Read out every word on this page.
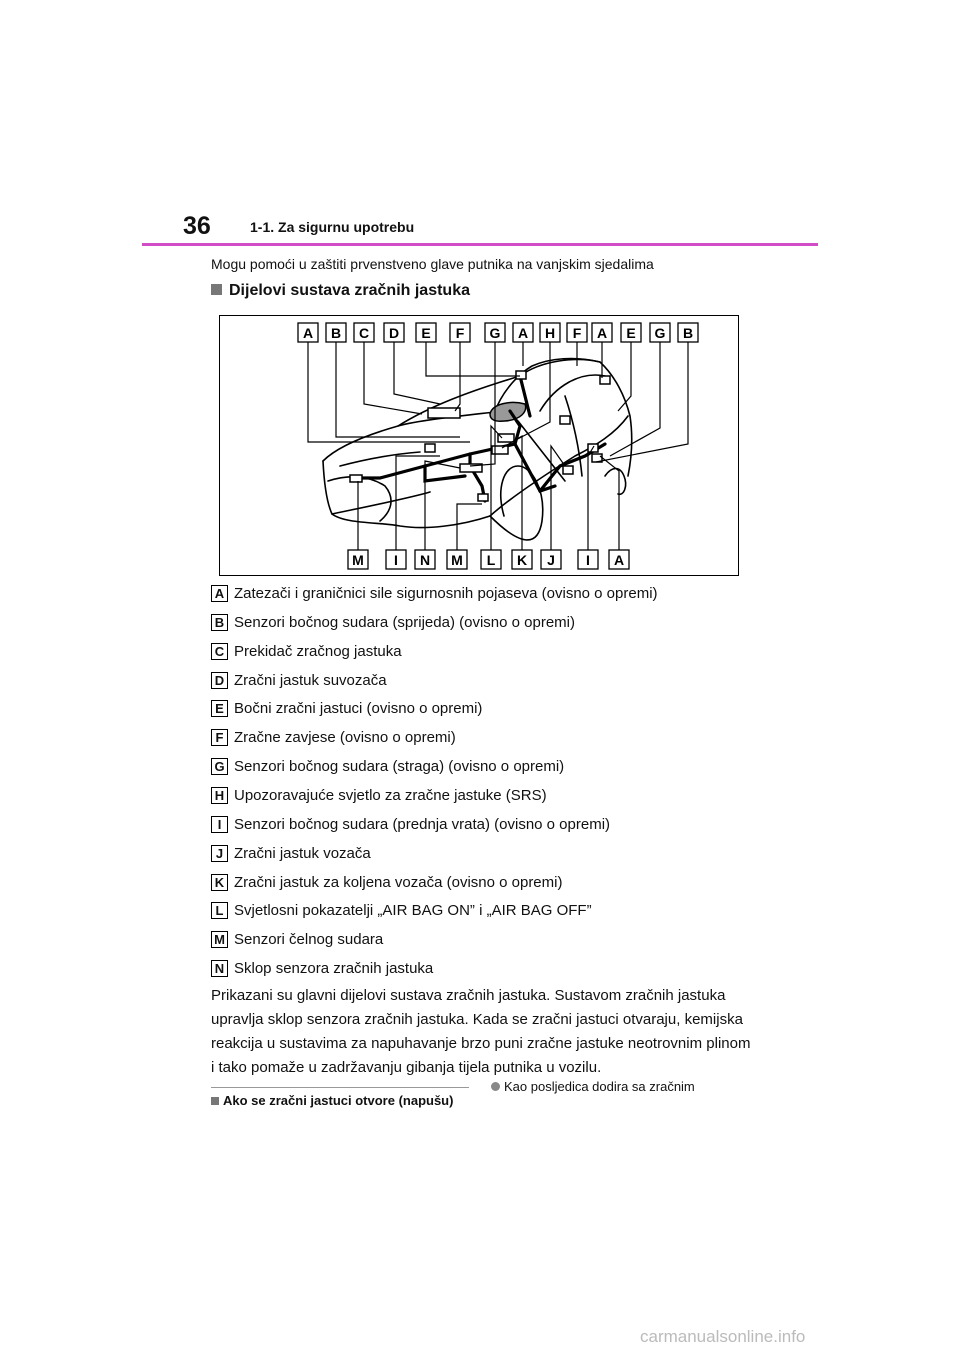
36	1-1. Za sigurnu upotrebu
Mogu pomoći u zaštiti prvenstveno glave putnika na vanjskim sjedalima
Dijelovi sustava zračnih jastuka
A B C D E F G A H F A E G B
M I N M L K J I A
A Zatezači i graničnici sile sigurnosnih pojaseva (ovisno o opremi)
B Senzori bočnog sudara (sprijeda) (ovisno o opremi)
C Prekidač zračnog jastuka
D Zračni jastuk suvozača
E Bočni zračni jastuci (ovisno o opremi)
F Zračne zavjese (ovisno o opremi)
G Senzori bočnog sudara (straga) (ovisno o opremi)
H Upozoravajuće svjetlo za zračne jastuke (SRS)
I Senzori bočnog sudara (prednja vrata) (ovisno o opremi)
J Zračni jastuk vozača
K Zračni jastuk za koljena vozača (ovisno o opremi)
L Svjetlosni pokazatelji „AIR BAG ON” i „AIR BAG OFF”
M Senzori čelnog sudara
N Sklop senzora zračnih jastuka
Prikazani su glavni dijelovi sustava zračnih jastuka. Sustavom zračnih jastuka upravlja sklop senzora zračnih jastuka. Kada se zračni jastuci otvaraju, kemijska reakcija u sustavima za napuhavanje brzo puni zračne jastuke neotrovnim plinom i tako pomaže u zadržavanju gibanja tijela putnika u vozilu.
Ako se zračni jastuci otvore (napušu)
Kao posljedica dodira sa zračnim
carmanualsonline.info
